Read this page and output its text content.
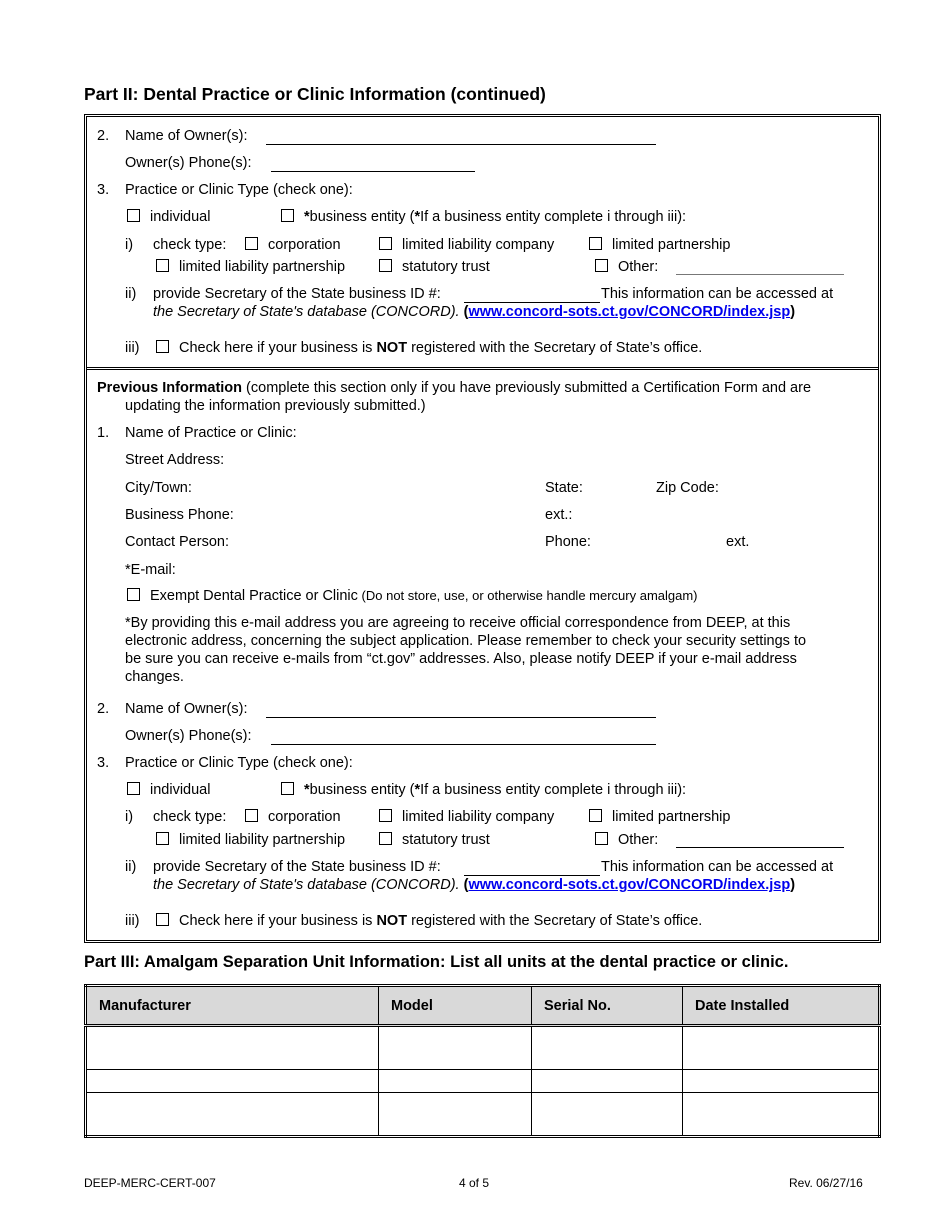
Part II: Dental Practice or Clinic Information (continued)
2. Name of Owner(s):
Owner(s) Phone(s):
3. Practice or Clinic Type (check one):
individual	*business entity (*If a business entity complete i through iii):
i) check type:	corporation	limited liability company	limited partnership
limited liability partnership	statutory trust	Other:
ii) provide Secretary of the State business ID #:	This information can be accessed at
the Secretary of State's database (CONCORD). (www.concord-sots.ct.gov/CONCORD/index.jsp)
iii)	Check here if your business is NOT registered with the Secretary of State’s office.
Previous Information (complete this section only if you have previously submitted a Certification Form and are
updating the information previously submitted.)
1. Name of Practice or Clinic:
Street Address:
City/Town:	State:	Zip Code:
Business Phone:	ext.:
Contact Person:	Phone:	ext.
*E-mail:
Exempt Dental Practice or Clinic (Do not store, use, or otherwise handle mercury amalgam)
*By providing this e-mail address you are agreeing to receive official correspondence from DEEP, at this
electronic address, concerning the subject application. Please remember to check your security settings to
be sure you can receive e-mails from “ct.gov” addresses. Also, please notify DEEP if your e-mail address
changes.
2. Name of Owner(s):
Owner(s) Phone(s):
3. Practice or Clinic Type (check one):
individual	*business entity (*If a business entity complete i through iii):
i) check type:	corporation	limited liability company	limited partnership
limited liability partnership	statutory trust	Other:
ii) provide Secretary of the State business ID #:	This information can be accessed at
the Secretary of State's database (CONCORD). (www.concord-sots.ct.gov/CONCORD/index.jsp)
iii)	Check here if your business is NOT registered with the Secretary of State’s office.
Part III: Amalgam Separation Unit Information: List all units at the dental practice or clinic.
Manufacturer	Model	Serial No.	Date Installed

DEEP-MERC-CERT-007	4 of 5	Rev. 06/27/16
